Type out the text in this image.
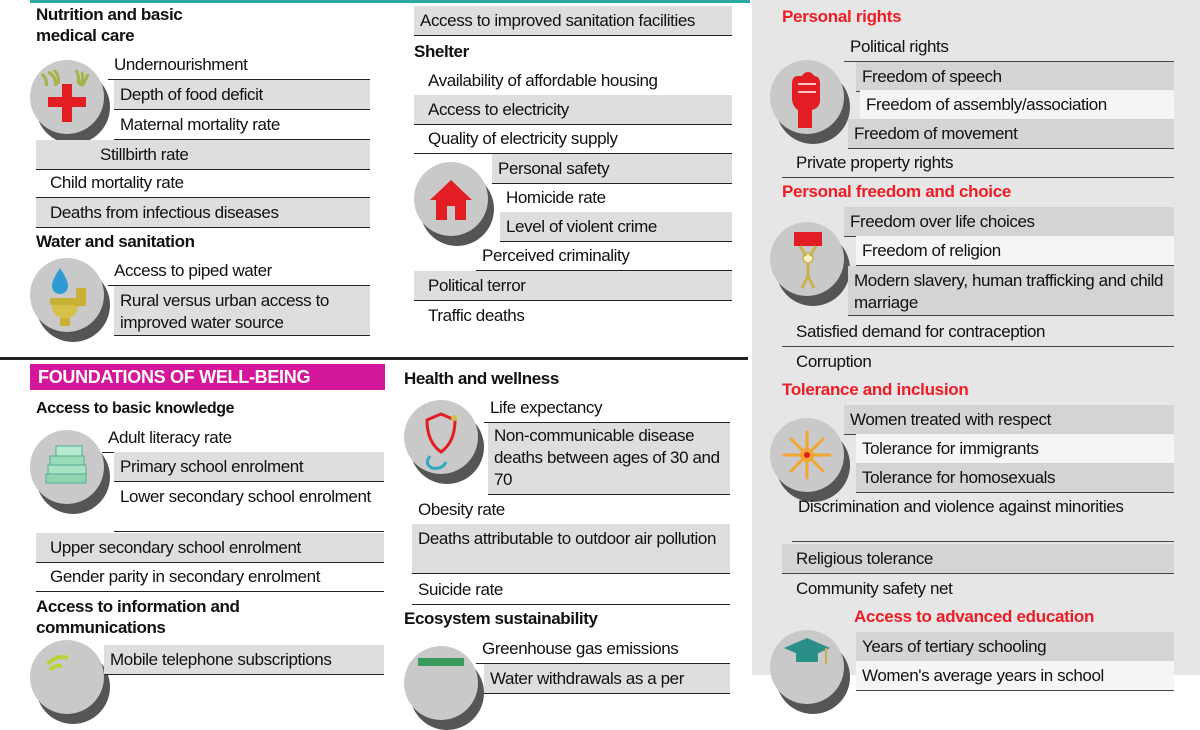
Nutrition and basic medical care
Undernourishment
Depth of food deficit
Maternal mortality rate
Stillbirth rate
Child mortality rate
Deaths from infectious diseases
Water and sanitation
Access to piped water
Rural versus urban access to improved water source
FOUNDATIONS OF WELL-BEING
Access to basic knowledge
Adult literacy rate
Primary school enrolment
Lower secondary school enrolment
Upper secondary school enrolment
Gender parity in secondary enrolment
Access to information and communications
Mobile telephone subscriptions
Access to improved sanitation facilities
Shelter
Availability of affordable housing
Access to electricity
Quality of electricity supply
Personal safety
Homicide rate
Level of violent crime
Perceived criminality
Political terror
Traffic deaths
Health and wellness
Life expectancy
Non-communicable disease deaths between ages of 30 and 70
Obesity rate
Deaths attributable to outdoor air pollution
Suicide rate
Ecosystem sustainability
Greenhouse gas emissions
Water withdrawals as a per
Personal rights
Political rights
Freedom of speech
Freedom of assembly/association
Freedom of movement
Private property rights
Personal freedom and choice
Freedom over life choices
Freedom of religion
Modern slavery, human trafficking and child marriage
Satisfied demand for contraception
Corruption
Tolerance and inclusion
Women treated with respect
Tolerance for immigrants
Tolerance for homosexuals
Discrimination and violence against minorities
Religious tolerance
Community safety net
Access to advanced education
Years of tertiary schooling
Women's average years in school
